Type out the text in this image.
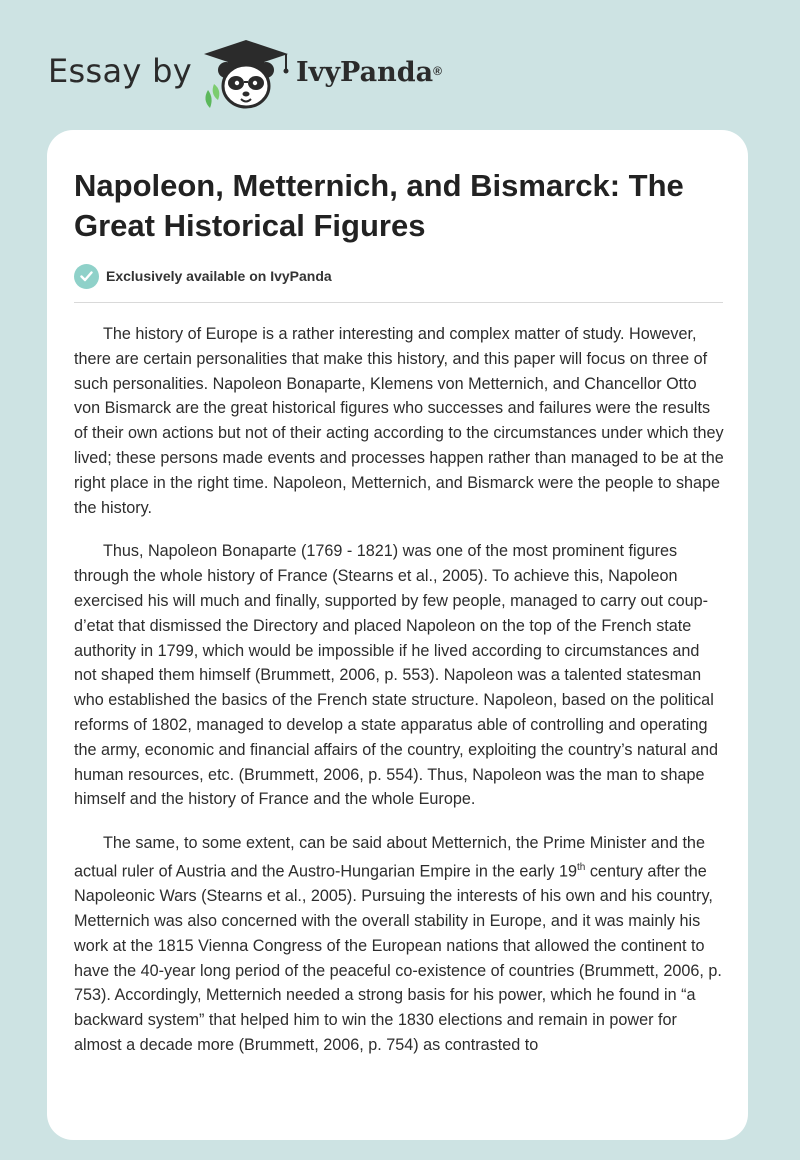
Essay by	IvyPanda®
Napoleon, Metternich, and Bismarck: The Great Historical Figures
Exclusively available on IvyPanda

The history of Europe is a rather interesting and complex matter of study. However, there are certain personalities that make this history, and this paper will focus on three of such personalities. Napoleon Bonaparte, Klemens von Metternich, and Chancellor Otto von Bismarck are the great historical figures who successes and failures were the results of their own actions but not of their acting according to the circumstances under which they lived; these persons made events and processes happen rather than managed to be at the right place in the right time. Napoleon, Metternich, and Bismarck were the people to shape the history.

Thus, Napoleon Bonaparte (1769 - 1821) was one of the most prominent figures through the whole history of France (Stearns et al., 2005). To achieve this, Napoleon exercised his will much and finally, supported by few people, managed to carry out coup-d’etat that dismissed the Directory and placed Napoleon on the top of the French state authority in 1799, which would be impossible if he lived according to circumstances and not shaped them himself (Brummett, 2006, p. 553). Napoleon was a talented statesman who established the basics of the French state structure. Napoleon, based on the political reforms of 1802, managed to develop a state apparatus able of controlling and operating the army, economic and financial affairs of the country, exploiting the country’s natural and human resources, etc. (Brummett, 2006, p. 554). Thus, Napoleon was the man to shape himself and the history of France and the whole Europe.

The same, to some extent, can be said about Metternich, the Prime Minister and the actual ruler of Austria and the Austro-Hungarian Empire in the early 19th century after the Napoleonic Wars (Stearns et al., 2005). Pursuing the interests of his own and his country, Metternich was also concerned with the overall stability in Europe, and it was mainly his work at the 1815 Vienna Congress of the European nations that allowed the continent to have the 40-year long period of the peaceful co-existence of countries (Brummett, 2006, p. 753). Accordingly, Metternich needed a strong basis for his power, which he found in “a backward system” that helped him to win the 1830 elections and remain in power for almost a decade more (Brummett, 2006, p. 754) as contrasted to
